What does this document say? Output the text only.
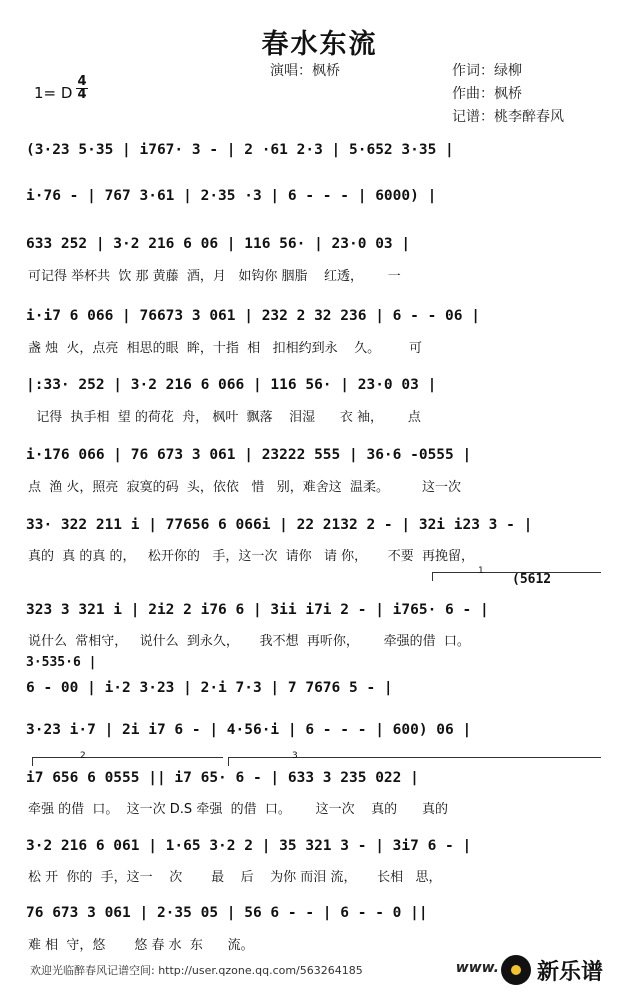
春水东流
演唱：枫桥	作词：绿柳
作曲：枫桥
记谱：桃李醉春风
1= D $\frac{4}{4}$
(3·23 5·35 | i767· 3 - | 2 ·61 2·3 | 5·652 3·35 |
i·76 - | 767 3·61 | 2·35 ·3 | 6 - - - | 6000) |
633 252 | 3·2 216 6 06 | 116 56· | 23·0 03 |
可记得 举杯共  饮 那 黄藤  酒，月   如钩你 胭脂    红透，      一
i·i7 6 066 | 76673 3 061 | 232 2 32 236 | 6 - - 06 |
盏 烛  火，点亮  相思的眼  眸，十指  相   扣相约到永    久。       可
|:33· 252 | 3·2 216 6 066 | 116 56· | 23·0 03 |
记得  执手相  望 的荷花  舟， 枫叶  飘落    泪湿      衣 袖，      点
i·176 066 | 76 673 3 061 | 23222 555 | 36·6 -0555 |
点  渔 火，照亮  寂寞的码  头，依依   惜   别，难舍这  温柔。        这一次
33· 322 211 i | 77656 6 066i | 22 2132 2 - | 32i i23 3 - |
真的  真 的真 的，   松开你的   手，这一次  请你   请 你，     不要  再挽留，
1
(5612
323 3 321 i | 2i2 2 i76 6 | 3ii i7i 2 - | i765· 6 - |
说什么  常相守，   说什么  到永久，     我不想  再听你，      牵强的借  口。
3·535·6 |
6 - 00 | i·2 3·23 | 2·i 7·3 | 7 7676 5 - |
3·23 i·7 | 2i i7 6 - | 4·56·i | 6 - - - | 600) 06 |
2	3
i7 656 6 0555 || i7 65· 6 - | 633 3 235 022 |
牵强 的借  口。  这一次 D.S 牵强  的借  口。      这一次    真的      真的
3·2 216 6 061 | 1·65 3·2 2 | 35 321 3 - | 3i7 6 - |
松 开  你的  手，这一    次       最    后    为你 而泪 流，     长相   思，
76 673 3 061 | 2·35 05 | 56 6 - - | 6 - - 0 ||
难 相  守，悠       悠 春 水  东      流。
欢迎光临醉春风记谱空间: http://user.qzone.qq.com/563264185	www. 新乐谱
